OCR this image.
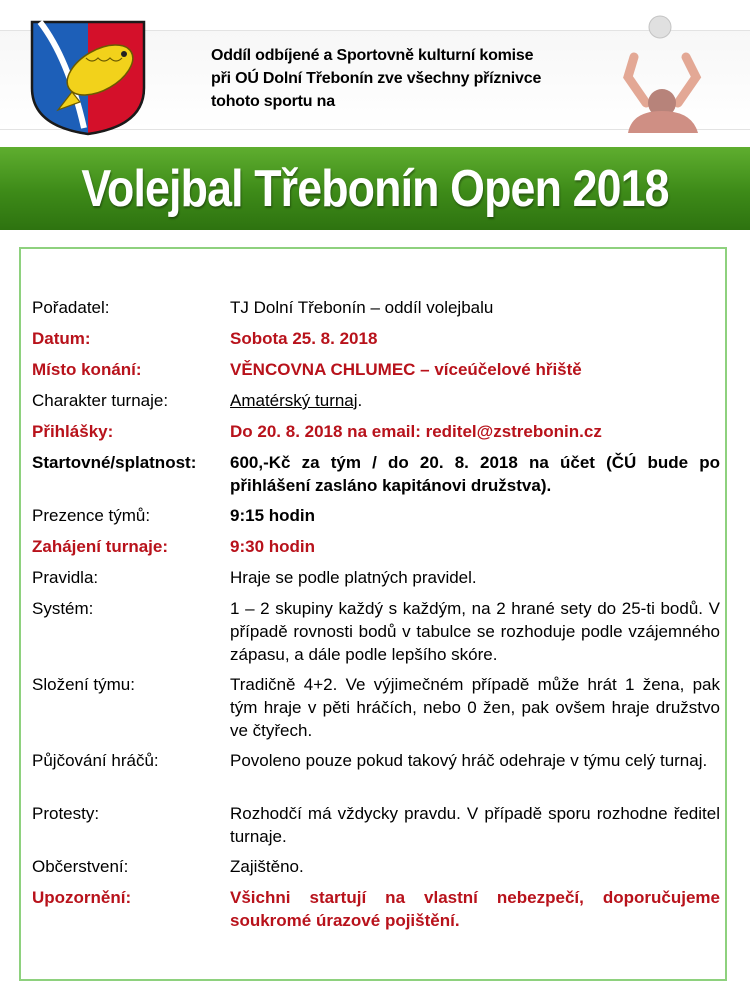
Oddíl odbíjené a Sportovně kulturní komise
při OÚ Dolní Třebonín zve všechny příznivce
tohoto sportu na
Volejbal Třebonín Open 2018
Pořadatel:	TJ Dolní Třebonín – oddíl volejbalu
Datum:	Sobota 25. 8. 2018
Místo konání:	VĚNCOVNA CHLUMEC – víceúčelové hřiště
Charakter turnaje:	Amatérský turnaj.
Přihlášky:	Do 20. 8. 2018 na email: reditel@zstrebonin.cz
Startovné/splatnost:	600,-Kč za tým / do 20. 8. 2018 na účet (ČÚ bude po přihlášení zasláno kapitánovi družstva).
Prezence týmů:	9:15 hodin
Zahájení turnaje:	9:30 hodin
Pravidla:	Hraje se podle platných pravidel.
Systém:	1 – 2 skupiny každý s každým, na 2 hrané sety do 25-ti bodů. V případě rovnosti bodů v tabulce se rozhoduje podle vzájemného zápasu, a dále podle lepšího skóre.
Složení týmu:	Tradičně 4+2. Ve výjimečném případě může hrát 1 žena, pak tým hraje v pěti hráčích, nebo 0 žen, pak ovšem hraje družstvo ve čtyřech.
Půjčování hráčů:	Povoleno pouze pokud takový hráč odehraje v týmu celý turnaj.
Protesty:	Rozhodčí má vždycky pravdu. V případě sporu rozhodne ředitel turnaje.
Občerstvení:	Zajištěno.
Upozornění:	Všichni startují na vlastní nebezpečí, doporučujeme soukromé úrazové pojištění.
